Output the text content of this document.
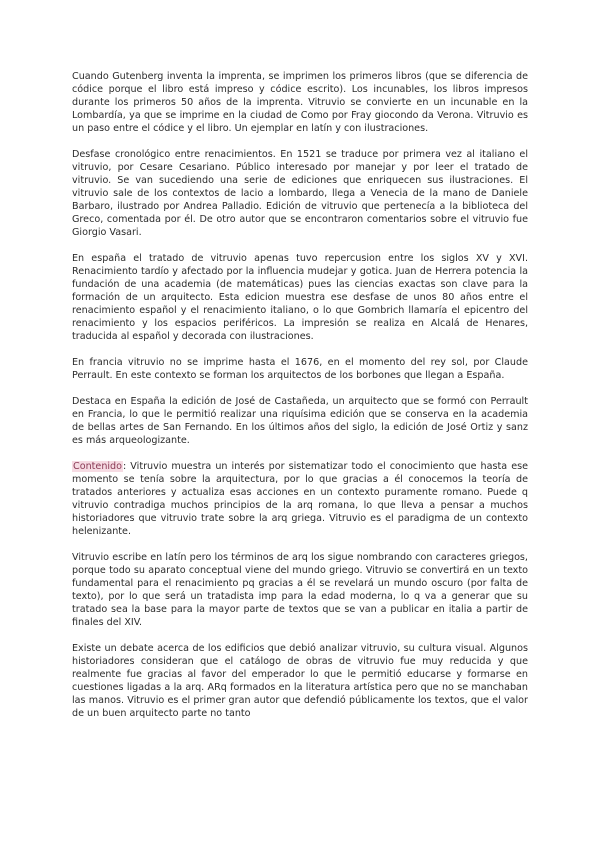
Cuando Gutenberg inventa la imprenta, se imprimen los primeros libros (que se diferencia de códice porque el libro está impreso y códice escrito). Los incunables, los libros impresos durante los primeros 50 años de la imprenta. Vitruvio se convierte en un incunable en la Lombardía, ya que se imprime en la ciudad de Como por Fray giocondo da Verona. Vitruvio es un paso entre el códice y el libro. Un ejemplar en latín y con ilustraciones.

Desfase cronológico entre renacimientos. En 1521 se traduce por primera vez al italiano el vitruvio, por Cesare Cesariano. Público interesado por manejar y por leer el tratado de vitruvio. Se van sucediendo una serie de ediciones que enriquecen sus ilustraciones. El vitruvio sale de los contextos de lacio a lombardo, llega a Venecia de la mano de Daniele Barbaro, ilustrado por Andrea Palladio. Edición de vitruvio que pertenecía a la biblioteca del Greco, comentada por él. De otro autor que se encontraron comentarios sobre el vitruvio fue Giorgio Vasari.

En españa el tratado de vitruvio apenas tuvo repercusion entre los siglos XV y XVI. Renacimiento tardío y afectado por la influencia mudejar y gotica. Juan de Herrera potencia la fundación de una academia (de matemáticas) pues las ciencias exactas son clave para la formación de un arquitecto. Esta edicion muestra ese desfase de unos 80 años entre el renacimiento español y el renacimiento italiano, o lo que Gombrich llamaría el epicentro del renacimiento y los espacios periféricos. La impresión se realiza en Alcalá de Henares, traducida al español y decorada con ilustraciones.

En francia vitruvio no se imprime hasta el 1676, en el momento del rey sol, por Claude Perrault. En este contexto se forman los arquitectos de los borbones que llegan a España.

Destaca en España la edición de José de Castañeda, un arquitecto que se formó con Perrault en Francia, lo que le permitió realizar una riquísima edición que se conserva en la academia de bellas artes de San Fernando. En los últimos años del siglo, la edición de José Ortiz y sanz es más arqueologizante.

Contenido: Vitruvio muestra un interés por sistematizar todo el conocimiento que hasta ese momento se tenía sobre la arquitectura, por lo que gracias a él conocemos la teoría de tratados anteriores y actualiza esas acciones en un contexto puramente romano. Puede q vitruvio contradiga muchos principios de la arq romana, lo que lleva a pensar a muchos historiadores que vitruvio trate sobre la arq griega. Vitruvio es el paradigma de un contexto helenizante.

Vitruvio escribe en latín pero los términos de arq los sigue nombrando con caracteres griegos, porque todo su aparato conceptual viene del mundo griego. Vitruvio se convertirá en un texto fundamental para el renacimiento pq gracias a él se revelará un mundo oscuro (por falta de texto), por lo que será un tratadista imp para la edad moderna, lo q va a generar que su tratado sea la base para la mayor parte de textos que se van a publicar en italia a partir de finales del XIV.

Existe un debate acerca de los edificios que debió analizar vitruvio, su cultura visual. Algunos historiadores consideran que el catálogo de obras de vitruvio fue muy reducida y que realmente fue gracias al favor del emperador lo que le permitió educarse y formarse en cuestiones ligadas a la arq. ARq formados en la literatura artística pero que no se manchaban las manos. Vitruvio es el primer gran autor que defendió públicamente los textos, que el valor de un buen arquitecto parte no tanto
